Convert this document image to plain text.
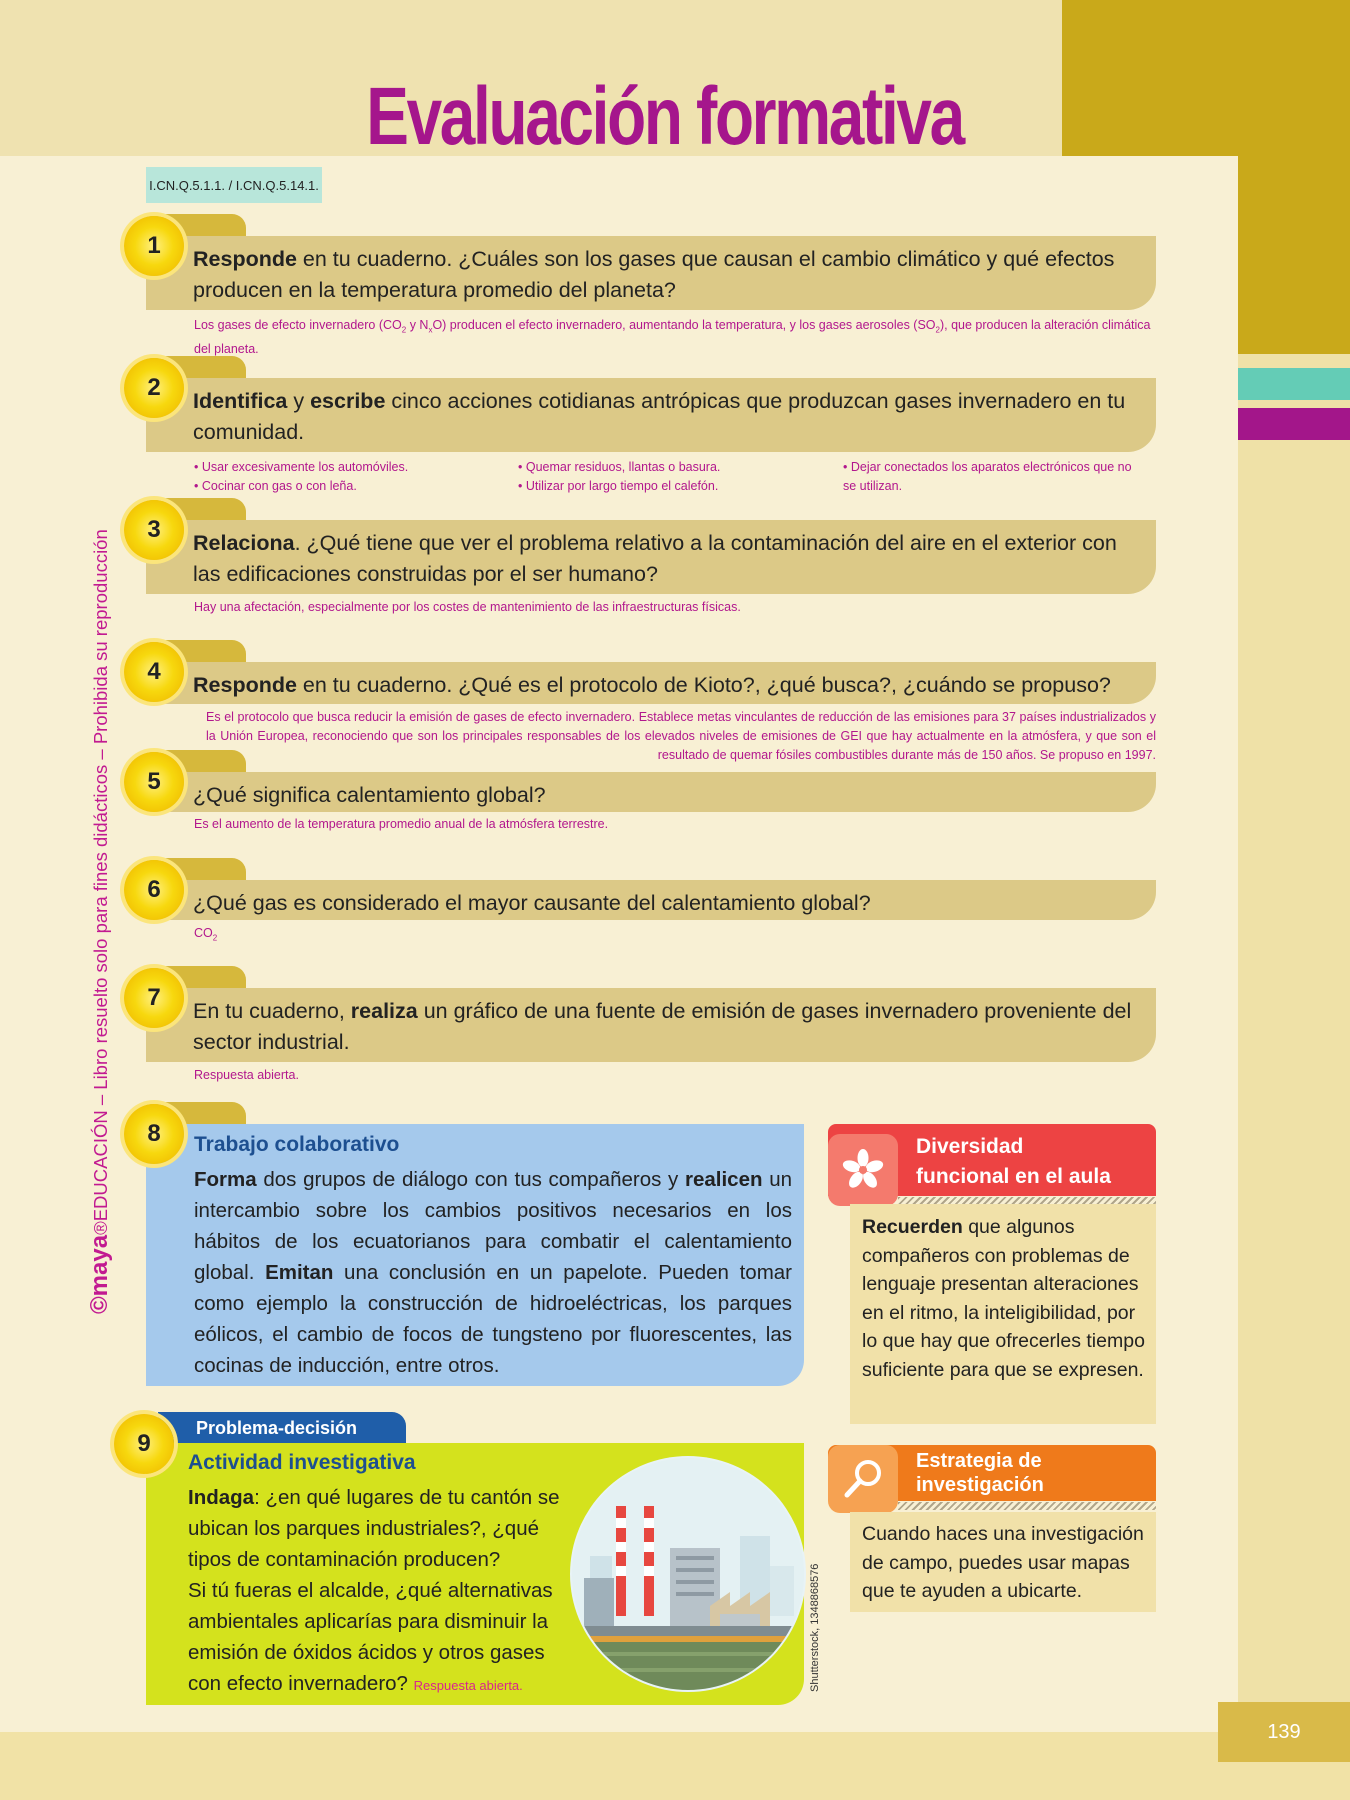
139
Evaluación formativa
I.CN.Q.5.1.1. / I.CN.Q.5.14.1.
©maya®EDUCACIÓN – Libro resuelto solo para fines didácticos – Prohibida su reproducción
Responde en tu cuaderno. ¿Cuáles son los gases que causan el cambio climático y qué efectos producen en la temperatura promedio del planeta?
1
Los gases de efecto invernadero ($CO_2$ y $N_xO$) producen el efecto invernadero, aumentando la temperatura, y los gases aerosoles $(SO_2)$, que producen la alteración climática del planeta.
Identifica y escribe cinco acciones cotidianas antrópicas que produzcan gases invernadero en tu comunidad.
2
• Usar excesivamente los automóviles.
• Cocinar con gas o con leña.
• Quemar residuos, llantas o basura.
• Utilizar por largo tiempo el calefón.
• Dejar conectados los aparatos electrónicos que no se utilizan.
Relaciona. ¿Qué tiene que ver el problema relativo a la contaminación del aire en el exterior con las edificaciones construidas por el ser humano?
3
Hay una afectación, especialmente por los costes de mantenimiento de las infraestructuras físicas.
Responde en tu cuaderno. ¿Qué es el protocolo de Kioto?, ¿qué busca?, ¿cuándo se propuso?
4
Es el protocolo que busca reducir la emisión de gases de efecto invernadero. Establece metas vinculantes de reducción de las emisiones para 37 países industrializados y la Unión Europea, reconociendo que son los principales responsables de los elevados niveles de emisiones de GEI que hay actualmente en la atmósfera, y que son el resultado de quemar fósiles combustibles durante más de 150 años. Se propuso en 1997.
¿Qué significa calentamiento global?
5
Es el aumento de la temperatura promedio anual de la atmósfera terrestre.
¿Qué gas es considerado el mayor causante del calentamiento global?
6
$CO_2$
En tu cuaderno, realiza un gráfico de una fuente de emisión de gases invernadero proveniente del sector industrial.
7
Respuesta abierta.
8	Trabajo colaborativo
Forma dos grupos de diálogo con tus compañeros y realicen un intercambio sobre los cambios positivos necesarios en los hábitos de los ecuatorianos para combatir el calentamiento global. Emitan una conclusión en un papelote. Pueden tomar como ejemplo la construcción de hidroeléctricas, los parques eólicos, el cambio de focos de tungsteno por fluorescentes, las cocinas de inducción, entre otros.
Diversidad
funcional en el aula
Recuerden que algunos compañeros con problemas de lenguaje presentan alteraciones en el ritmo, la inteligibilidad, por lo que hay que ofrecerles tiempo suficiente para que se expresen.
Estrategia de
investigación
Cuando haces una investigación de campo, puedes usar mapas que te ayuden a ubicarte.
Problema-decisión
9
Actividad investigativa
Indaga: ¿en qué lugares de tu cantón se ubican los parques industriales?, ¿qué tipos de contaminación producen?
Si tú fueras el alcalde, ¿qué alternativas ambientales aplicarías para disminuir la emisión de óxidos ácidos y otros gases con efecto invernadero? Respuesta abierta.	Shutterstock, 1348868576
